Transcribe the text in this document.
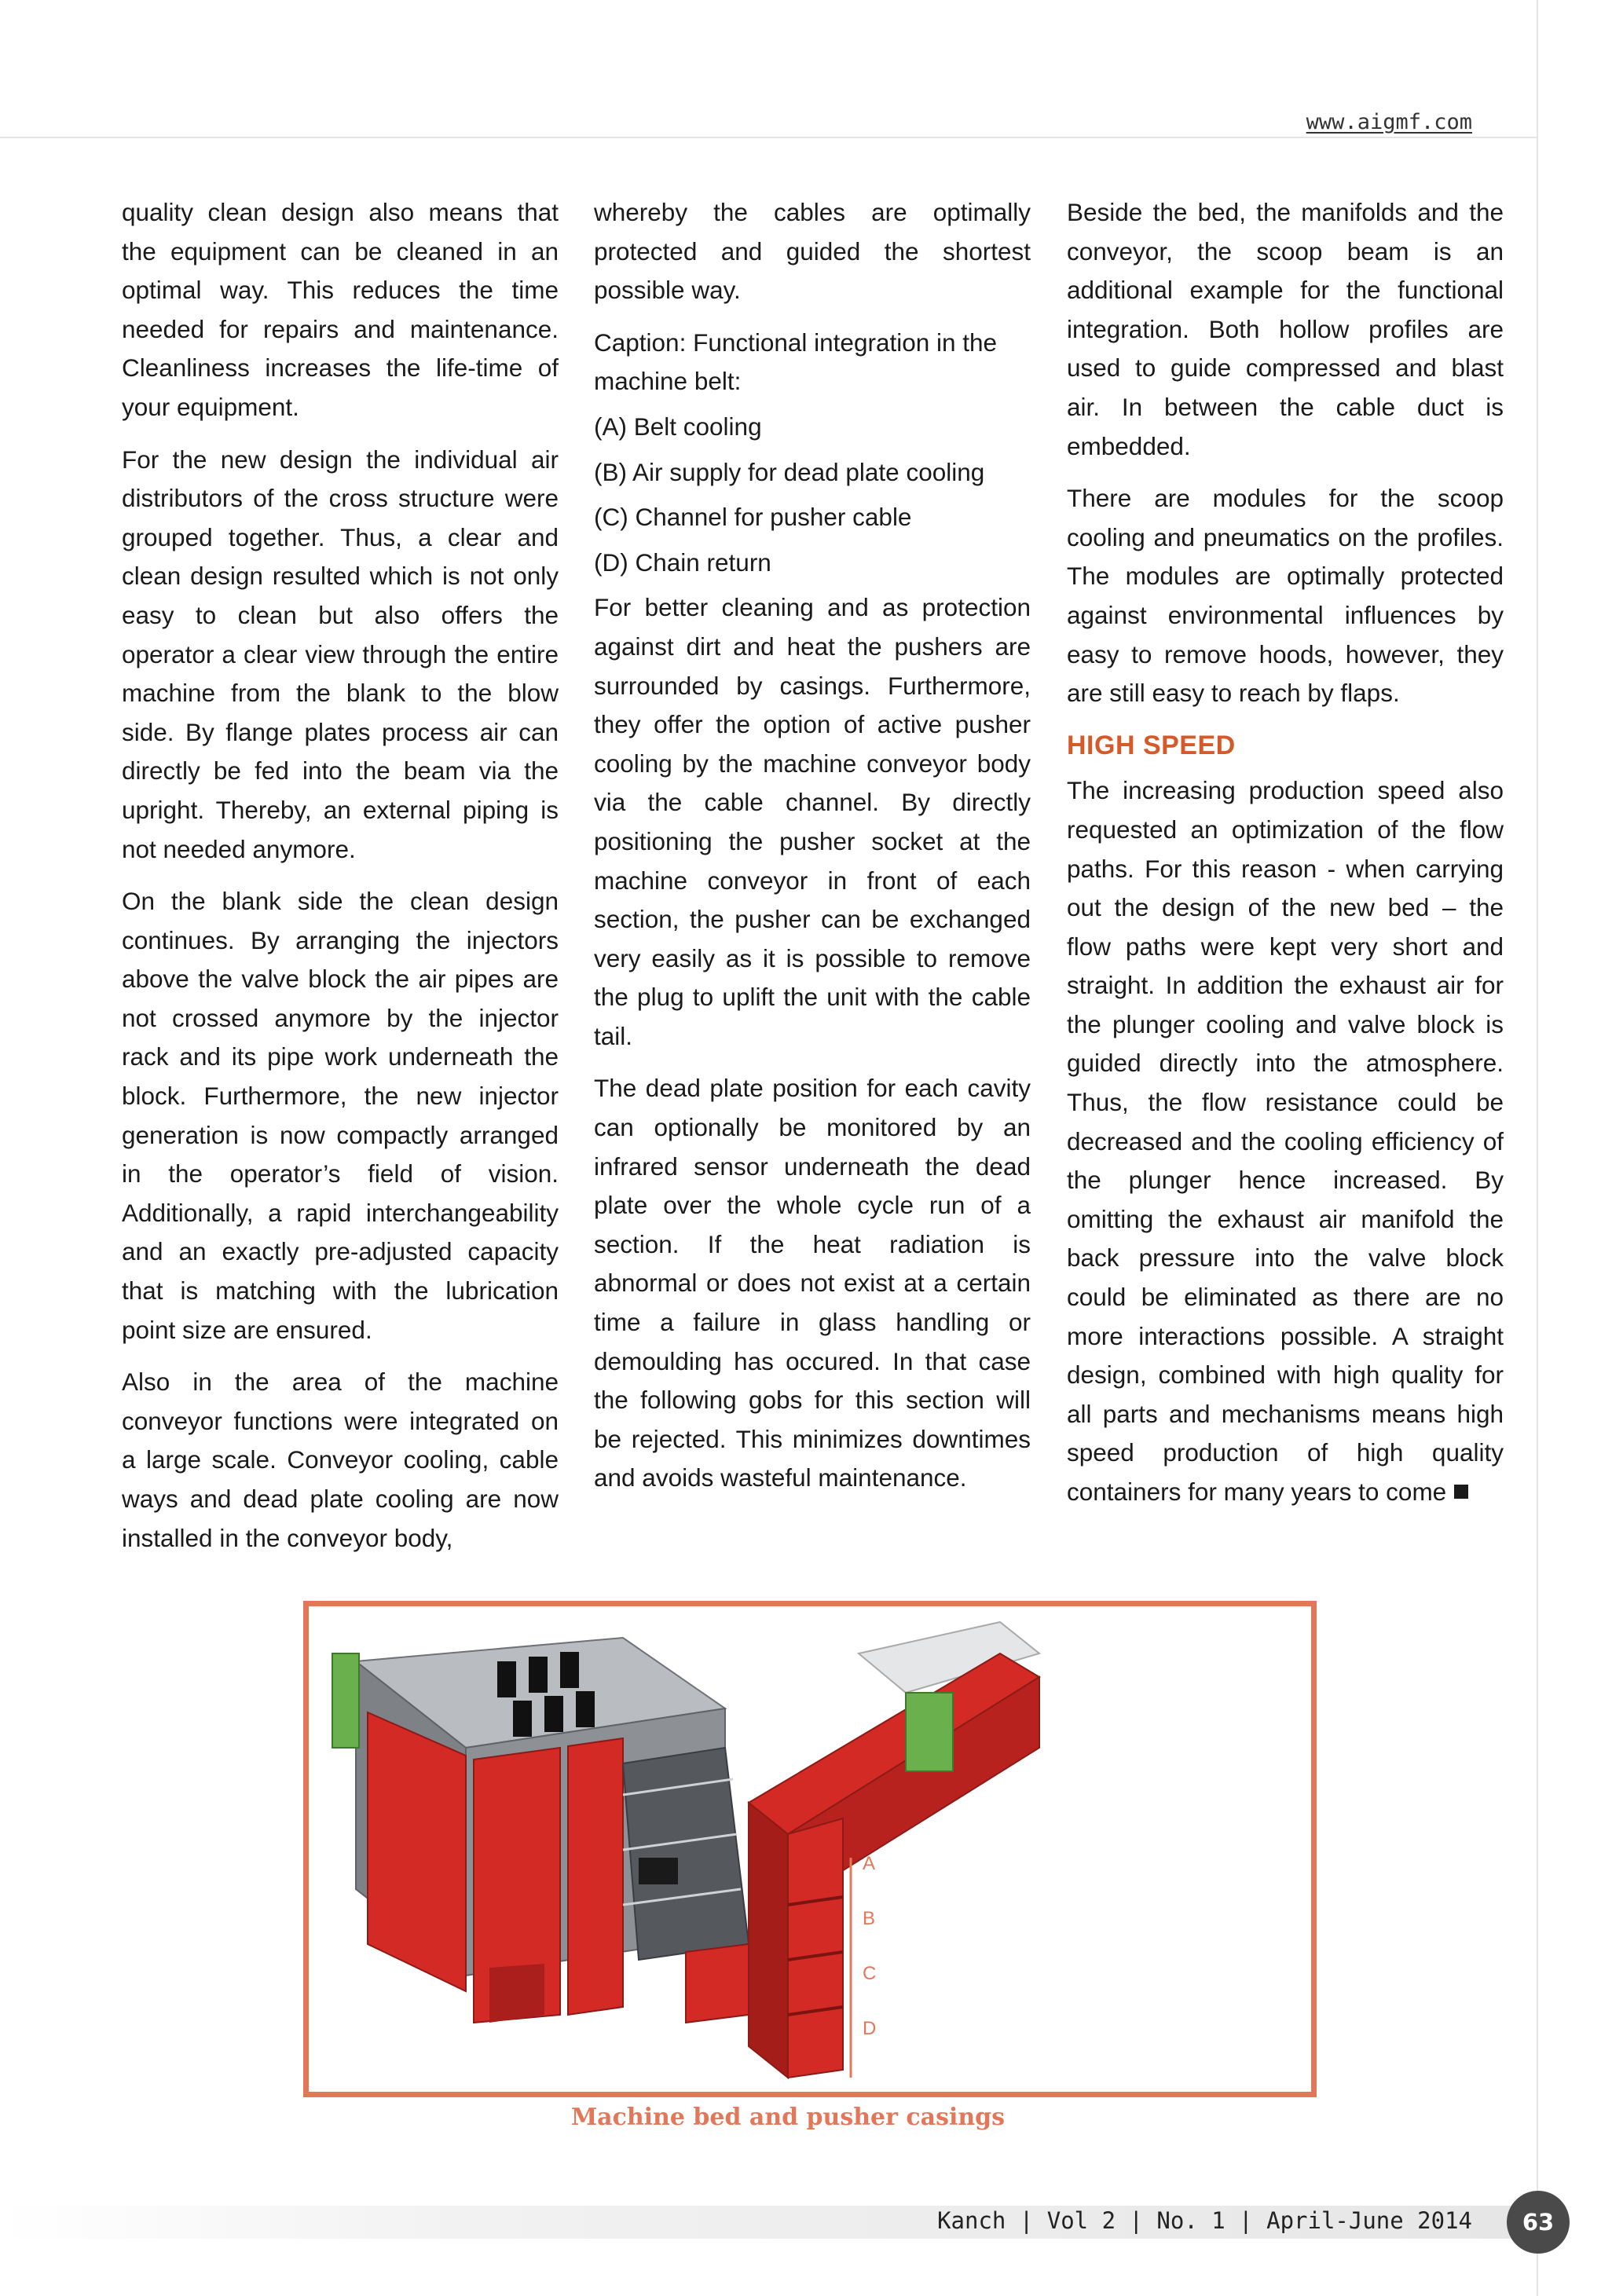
www.aigmf.com

quality clean design also means that the equipment can be cleaned in an optimal way. This reduces the time needed for repairs and maintenance. Cleanliness increases the life-time of your equipment.

For the new design the individual air distributors of the cross structure were grouped together. Thus, a clear and clean design resulted which is not only easy to clean but also offers the operator a clear view through the entire machine from the blank to the blow side. By flange plates process air can directly be fed into the beam via the upright. Thereby, an external piping is not needed anymore.

On the blank side the clean design continues. By arranging the injectors above the valve block the air pipes are not crossed anymore by the injector rack and its pipe work underneath the block. Furthermore, the new injector generation is now compactly arranged in the operator’s field of vision. Additionally, a rapid interchangeability and an exactly pre-adjusted capacity that is matching with the lubrication point size are ensured.

Also in the area of the machine conveyor functions were integrated on a large scale. Conveyor cooling, cable ways and dead plate cooling are now installed in the conveyor body,

whereby the cables are optimally protected and guided the shortest possible way.

Caption: Functional integration in the machine belt:

(A) Belt cooling

(B) Air supply for dead plate cooling

(C) Channel for pusher cable

(D) Chain return

For better cleaning and as protection against dirt and heat the pushers are surrounded by casings. Furthermore, they offer the option of active pusher cooling by the machine conveyor body via the cable channel. By directly positioning the pusher socket at the machine conveyor in front of each section, the pusher can be exchanged very easily as it is possible to remove the plug to uplift the unit with the cable tail.

The dead plate position for each cavity can optionally be monitored by an infrared sensor underneath the dead plate over the whole cycle run of a section. If the heat radiation is abnormal or does not exist at a certain time a failure in glass handling or demoulding has occured. In that case the following gobs for this section will be rejected. This minimizes downtimes and avoids wasteful maintenance.

Beside the bed, the manifolds and the conveyor, the scoop beam is an additional example for the functional integration. Both hollow profiles are used to guide compressed and blast air. In between the cable duct is embedded.

There are modules for the scoop cooling and pneumatics on the profiles. The modules are optimally protected against environmental influences by easy to remove hoods, however, they are still easy to reach by flaps.

HIGH SPEED

The increasing production speed also requested an optimization of the flow paths. For this reason - when carrying out the design of the new bed – the flow paths were kept very short and straight. In addition the exhaust air for the plunger cooling and valve block is guided directly into the atmosphere. Thus, the flow resistance could be decreased and the cooling efficiency of the plunger hence increased. By omitting the exhaust air manifold the back pressure into the valve block could be eliminated as there are no more interactions possible. A straight design, combined with high quality for all parts and mechanisms means high speed production of high quality containers for many years to come

A
B
C
D
Machine bed and pusher casings
Kanch | Vol 2 | No. 1 | April-June 2014 63
